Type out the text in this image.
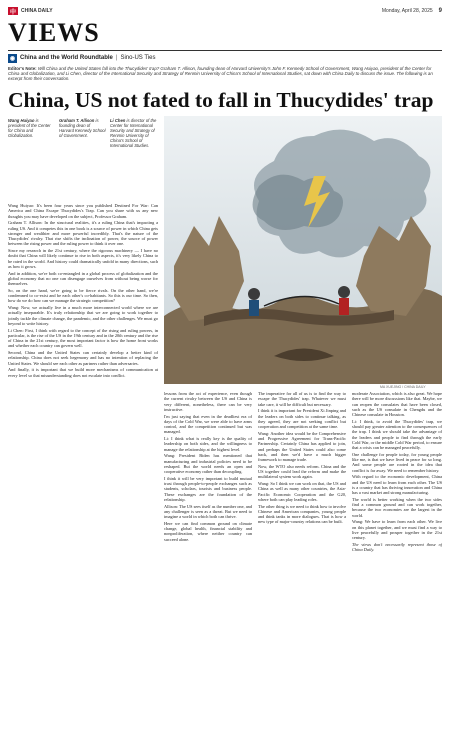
中	CHINA DAILY	Monday, April 28, 2025 9
VIEWS
◉ China and the World Roundtable | Sino-US Ties
Editor's Note: Will China and the United States fall into the Thucydides' trap? Graham T. Allison, founding dean of Harvard University's John F. Kennedy School of Government, Wang Huiyao, president of the Center for China and Globalization, and Li Chen, director of the International Security and Strategy of Renmin University of China's School of International Studies, sat down with China Daily to discuss the issue. The following is an excerpt from their conversation.
China, US not fated to fall in Thucydides' trap
Wang Huiyao is president of the Center for China and Globalization.
Graham T. Allison is founding dean of Harvard Kennedy School of Government.
Li Chen is director of the Center for International Security and Strategy of Renmin University of China's School of International Studies.
MA XUEJING / CHINA DAILY

Wang Huiyao: It's been four years since you published Destined For War: Can America and China Escape Thucydides's Trap. Can you share with us any new thoughts you may have developed on the subject, Professor Graham.

Graham T. Allison: In the structural realities, it's a ruling China that's impacting a ruling US. And it competes this in one book is a source of power in which China gets stronger and wealthier and more powerful incredibly. That's the nature of the Thucydides' rivalry. That rise shifts the inclination of power, the source of power between the rising power and the ruling power to think it over one.

Since my research in the 21st century, where the rigorous machinery — I have no doubt that China will likely continue to rise in both aspects, it's very likely China to be rated in the world. And history could dramatically unfold in many directions, such as how it grows.

And in addition, we're both co-entangled in a global process of globalization and the global economy that no one can disengage ourselves from without being worse for themselves.

So, on the one hand, we're going to be fierce rivals. On the other hand, we're condemned to co-exist and be each other's co-habitants. So this is our time. So then, how do we do how can we manage the strategic competition?

Wang: Now, we actually live in a much more interconnected world where we are actually inseparable. It's truly relationship that we are going to work together to jointly tackle the climate change, the pandemic, and the other challenges. We must go beyond to write history.

Li Chen: First, I think with regard to the concept of the rising and ruling powers, in particular, is the rise of the US in the 19th century and in the 20th century and the rise of China in the 21st century, the most important factor is how the home front works and whether each country can govern well.

Second, China and the United States can certainly develop a better kind of relationship. China does not seek hegemony and has no intention of replacing the United States. We should see each other as partners rather than adversaries.

And finally, it is important that we build more mechanisms of communication at every level so that misunderstanding does not escalate into conflict.

lessons from the act of experience, even though the current rivalry between the US and China is very different, nonetheless, there can be very instructive.

I'm just saying that even in the deadliest era of days of the Cold War, we were able to have arms control, and the competition continued but was managed.

Li: I think what is really key is the quality of leadership on both sides, and the willingness to manage the relationship at the highest level.

Wang: President Biden has mentioned that manufacturing and industrial policies need to be reshaped. But the world needs an open and cooperative economy rather than decoupling.

I think it will be very important to build mutual trust through people-to-people exchanges such as students, scholars, tourists and business people. These exchanges are the foundation of the relationship.

Allison: The US sees itself as the number one, and any challenger is seen as a threat. But we need to imagine a world in which both can thrive.

Here we can find common ground on climate change, global health, financial stability and nonproliferation, where neither country can succeed alone.

The imperative for all of us is to find the way to escape the Thucydides' trap. Whatever we must take care, it will be difficult but necessary.

I think it is important for President Xi Jinping and the leaders on both sides to continue talking, as they agreed, they are not seeking conflict but cooperation and competition at the same time.

Wang: Another idea would be the Comprehensive and Progressive Agreement for Trans-Pacific Partnership. Certainly China has applied to join, and perhaps the United States could also come back, and then we'd have a much bigger framework to manage trade.

Now, the WTO also needs reform. China and the US together could lead the reform and make the multilateral system work again.

Wang: So I think we can work on that, the US and China as well as many other countries, the Asia-Pacific Economic Cooperation and the G20, where both can play leading roles.

The other thing is we need to think how to involve Chinese and American companies, young people and think tanks in more dialogues. That is how a new type of major-country relations can be built.

moderate Association, which is also great. We hope there will be more discussions like that. Maybe, we can reopen the consulates that have been closed, such as the US consulate in Chengdu and the Chinese consulate in Houston.

Li: I think, to avoid the Thucydides' trap, we should pay greater attention to the consequences of the trap. I think we should take the advantage of the leaders and people to find through the early Cold War, or the middle Cold War period, to ensure that a crisis can be managed peacefully.

One challenge for people today, for young people like me, is that we have lived in peace for so long. And some people are rooted in the idea that conflict is far away. We need to remember history.

With regard to the economic development, China and the US need to learn from each other. The US is a country that has thriving innovation and China has a vast market and strong manufacturing.

The world is better working when the two sides find a common ground and can work together, because the two economies are the largest in the world.

Wang: We have to learn from each other. We live on this planet together, and we must find a way to live peacefully and prosper together in the 21st century.

The views don't necessarily represent those of China Daily.
